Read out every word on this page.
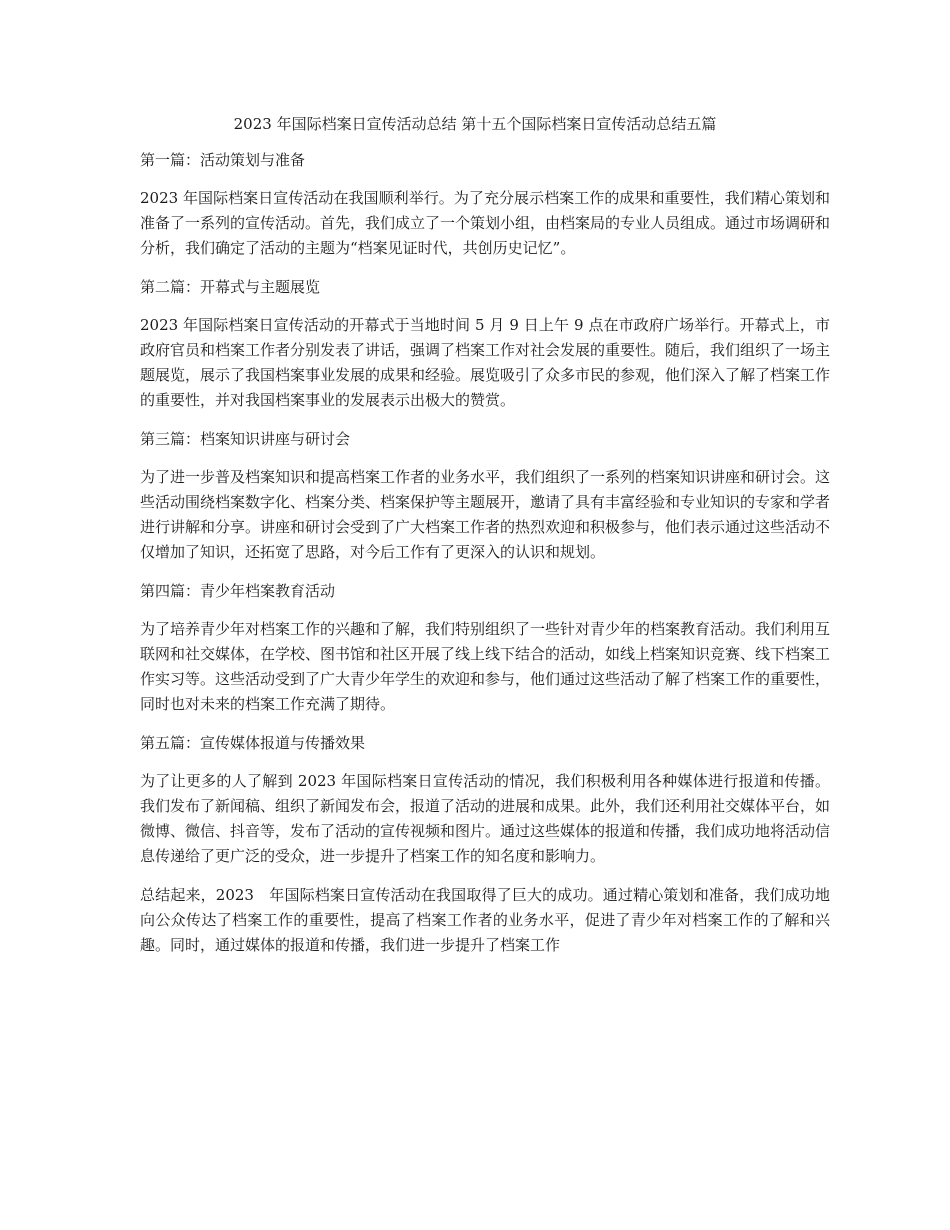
2023 年国际档案日宣传活动总结 第十五个国际档案日宣传活动总结五篇

第一篇：活动策划与准备

2023 年国际档案日宣传活动在我国顺利举行。为了充分展示档案工作的成果和重要性，我们精心策划和准备了一系列的宣传活动。首先，我们成立了一个策划小组，由档案局的专业人员组成。通过市场调研和分析，我们确定了活动的主题为“档案见证时代，共创历史记忆”。

第二篇：开幕式与主题展览

2023 年国际档案日宣传活动的开幕式于当地时间 5 月 9 日上午 9 点在市政府广场举行。开幕式上，市政府官员和档案工作者分别发表了讲话，强调了档案工作对社会发展的重要性。随后，我们组织了一场主题展览，展示了我国档案事业发展的成果和经验。展览吸引了众多市民的参观，他们深入了解了档案工作的重要性，并对我国档案事业的发展表示出极大的赞赏。

第三篇：档案知识讲座与研讨会

为了进一步普及档案知识和提高档案工作者的业务水平，我们组织了一系列的档案知识讲座和研讨会。这些活动围绕档案数字化、档案分类、档案保护等主题展开，邀请了具有丰富经验和专业知识的专家和学者进行讲解和分享。讲座和研讨会受到了广大档案工作者的热烈欢迎和积极参与，他们表示通过这些活动不仅增加了知识，还拓宽了思路，对今后工作有了更深入的认识和规划。

第四篇：青少年档案教育活动

为了培养青少年对档案工作的兴趣和了解，我们特别组织了一些针对青少年的档案教育活动。我们利用互联网和社交媒体，在学校、图书馆和社区开展了线上线下结合的活动，如线上档案知识竞赛、线下档案工作实习等。这些活动受到了广大青少年学生的欢迎和参与，他们通过这些活动了解了档案工作的重要性，同时也对未来的档案工作充满了期待。

第五篇：宣传媒体报道与传播效果

为了让更多的人了解到 2023 年国际档案日宣传活动的情况，我们积极利用各种媒体进行报道和传播。我们发布了新闻稿、组织了新闻发布会，报道了活动的进展和成果。此外，我们还利用社交媒体平台，如微博、微信、抖音等，发布了活动的宣传视频和图片。通过这些媒体的报道和传播，我们成功地将活动信息传递给了更广泛的受众，进一步提升了档案工作的知名度和影响力。

总结起来，2023　年国际档案日宣传活动在我国取得了巨大的成功。通过精心策划和准备，我们成功地向公众传达了档案工作的重要性，提高了档案工作者的业务水平，促进了青少年对档案工作的了解和兴趣。同时，通过媒体的报道和传播，我们进一步提升了档案工作
